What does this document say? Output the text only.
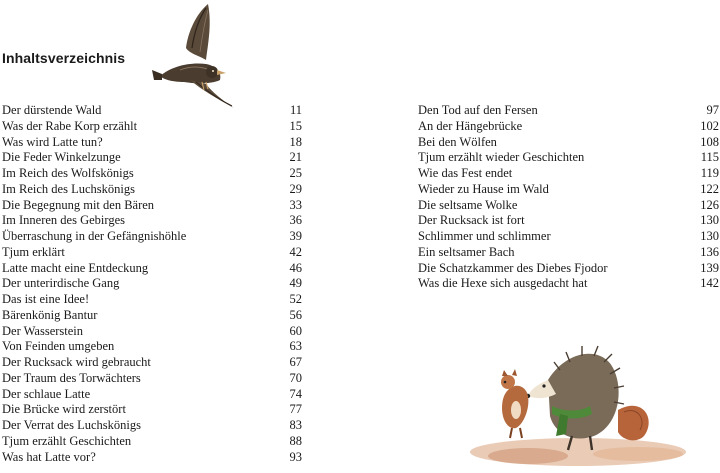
Inhaltsverzeichnis
Der dürstende Wald	11
Was der Rabe Korp erzählt	15
Was wird Latte tun?	18
Die Feder Winkelzunge	21
Im Reich des Wolfskönigs	25
Im Reich des Luchskönigs	29
Die Begegnung mit den Bären	33
Im Inneren des Gebirges	36
Überraschung in der Gefängnishöhle	39
Tjum erklärt	42
Latte macht eine Entdeckung	46
Der unterirdische Gang	49
Das ist eine Idee!	52
Bärenkönig Bantur	56
Der Wasserstein	60
Von Feinden umgeben	63
Der Rucksack wird gebraucht	67
Der Traum des Torwächters	70
Der schlaue Latte	74
Die Brücke wird zerstört	77
Der Verrat des Luchskönigs	83
Tjum erzählt Geschichten	88
Was hat Latte vor?	93
Den Tod auf den Fersen	97
An der Hängebrücke	102
Bei den Wölfen	108
Tjum erzählt wieder Geschichten	115
Wie das Fest endet	119
Wieder zu Hause im Wald	122
Die seltsame Wolke	126
Der Rucksack ist fort	130
Schlimmer und schlimmer	130
Ein seltsamer Bach	136
Die Schatzkammer des Diebes Fjodor	139
Was die Hexe sich ausgedacht hat	142
